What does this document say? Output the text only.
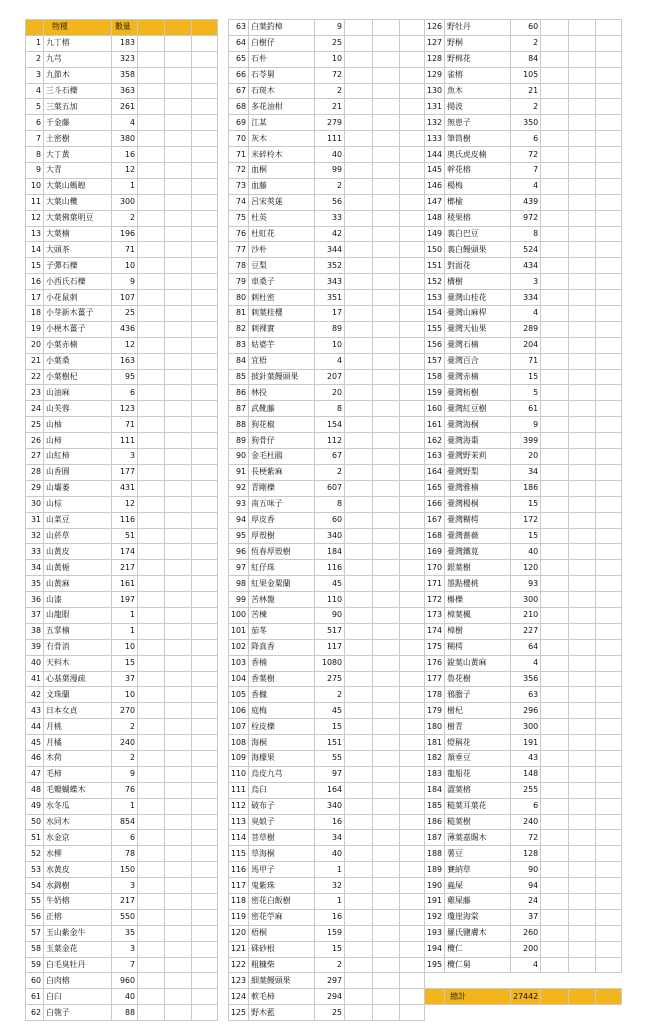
	物種	數量			
1	九丁榕	183			
2	九芎	323			
3	九節木	358			
4	三斗石櫟	363			
5	三葉五加	261			
6	千金藤	4			
7	土密樹	380			
8	大丁黃	16			
9	大青	12			
10	大葉山螞蝗	1			
11	大葉山欖	300			
12	大葉佛葉明豆	2			
13	大葉楠	196			
14	大頭茶	71			
15	子彈石櫟	10			
16	小西氏石櫟	9			
17	小花鼠刺	107			
18	小芽新木薑子	25			
19	小梗木薑子	436			
20	小葉赤楠	12			
21	小葉桑	163			
22	小葉樹杞	95			
23	山油麻	6			
24	山芙蓉	123			
25	山柚	71			
26	山柿	111			
27	山紅柿	3			
28	山香圓	177			
29	山壩萎	431			
30	山棕	12			
31	山菜豆	116			
32	山菸草	51			
33	山黃皮	174			
34	山黃梔	217			
35	山黃麻	161			
36	山漆	197			
37	山龍眼	1			
38	五掌楠	1			
39	冇骨消	10			
40	天料木	15			
41	心基葉漫疏	37			
42	文珠蘭	10			
43	日本女貞	270			
44	月桃	2			
45	月橘	240			
46	木荷	2			
47	毛柿	9			
48	毛瓣蝴蝶木	76			
49	水冬瓜	1			
50	水同木	854			
51	水金京	6			
52	水柳	78			
53	水黃皮	150			
54	水錦樹	3			
55	牛奶榕	217			
56	正榕	550			
57	玉山紫金牛	35			
58	玉葉金花	3			
59	白毛臭牡丹	7			
60	白肉榕	960			
61	白臼	40			
62	白匏子	88			
63	白葉釣樟	9			
64	白樹仔	25			
65	石朴	10			
66	石苓舅	72			
67	石斑木	2			
68	多花油柑	21			
69	江某	279			
70	灰木	111			
71	米碎柃木	40			
72	血桐	99			
73	血藤	2			
74	呂宋莢蒾	56			
75	杜英	33			
76	杜虹花	42			
77	沙朴	344			
78	豆梨	352			
79	車桑子	343			
80	刺杜密	351			
81	刺葉桂櫻	17			
82	刺裸實	89			
83	姑婆芋	10			
84	宜梧	4			
85	披針葉饅頭果	207			
86	林投	20			
87	武靴藤	8			
88	狗花椒	154			
89	狗骨仔	112			
90	金毛杜鵑	67			
91	長梗紫麻	2			
92	青剛櫟	607			
93	南五味子	8			
94	厚皮香	60			
95	厚殼樹	340			
96	恆春厚殼樹	184			
97	紅仔珠	116			
98	紅果金粟蘭	45			
99	苦林盤	110			
100	苦楝	90			
101	茄苳	517			
102	降真香	117			
103	香楠	1080			
104	香葉樹	275			
105	香櫞	2			
106	庭梅	45			
107	栓皮櫟	15			
108	海桐	151			
109	海檬果	55			
110	烏皮九芎	97			
111	烏臼	164			
112	破布子	340			
113	臭娘子	16			
114	菩草樹	34			
115	草海桐	40			
116	馬甲子	1			
117	鬼紫珠	32			
118	密花白飯樹	1			
119	密花苧麻	16			
120	梧桐	159			
121	硃砂根	15			
122	粗糠柴	2			
123	細葉饅頭果	297			
124	軟毛柿	294			
125	野木藍	25			
126	野牡丹	60			
127	野桐	2			
128	野棉花	84			
129	雀榕	105			
130	魚木	21			
131	揚波	2			
132	無患子	350			
133	筆筒樹	6			
144	奧氏虎皮楠	72			
145	幹花榕	7			
146	楊梅	4			
147	榔榆	439			
148	稜果榕	972			
149	裏白巴豆	8			
150	裏白饅頭果	524			
151	對面花	434			
152	構樹	3			
153	臺灣山桂花	334			
154	臺灣山麻桿	4			
155	臺灣天仙果	289			
156	臺灣石楠	204			
157	臺灣百合	71			
158	臺灣赤楠	15			
159	臺灣柘樹	5			
160	臺灣紅豆樹	61			
161	臺灣海桐	9			
162	臺灣海棗	399			
163	臺灣野茉莉	20			
164	臺灣野梨	34			
165	臺灣雅楠	186			
166	臺灣楊桐	15			
167	臺灣糊樗	172			
168	臺灣薔薇	15			
169	臺灣鐵莧	40			
170	銀葉樹	120			
171	墨點櫻桃	93			
172	槲櫟	300			
173	樟葉楓	210			
174	樟樹	227			
175	糊樗	64			
176	銳葉山黃麻	4			
177	魯花樹	356			
178	鴉膽子	63			
179	樹杞	296			
180	樹青	300			
181	燈稱花	191			
182	頷垂豆	43			
183	龍船花	148			
184	澀葉榕	255			
185	糙葉耳葉花	6			
186	糙葉樹	240			
187	薄葉嘉賜木	72			
188	薯豆	128			
189	賽納草	90			
190	蟲屎	94			
191	雞屎藤	24			
192	瓊崖海棠	37			
193	羅氏鹽膚木	260			
194	欖仁	200			
195	欖仁舅	4			

	總計	27442			
